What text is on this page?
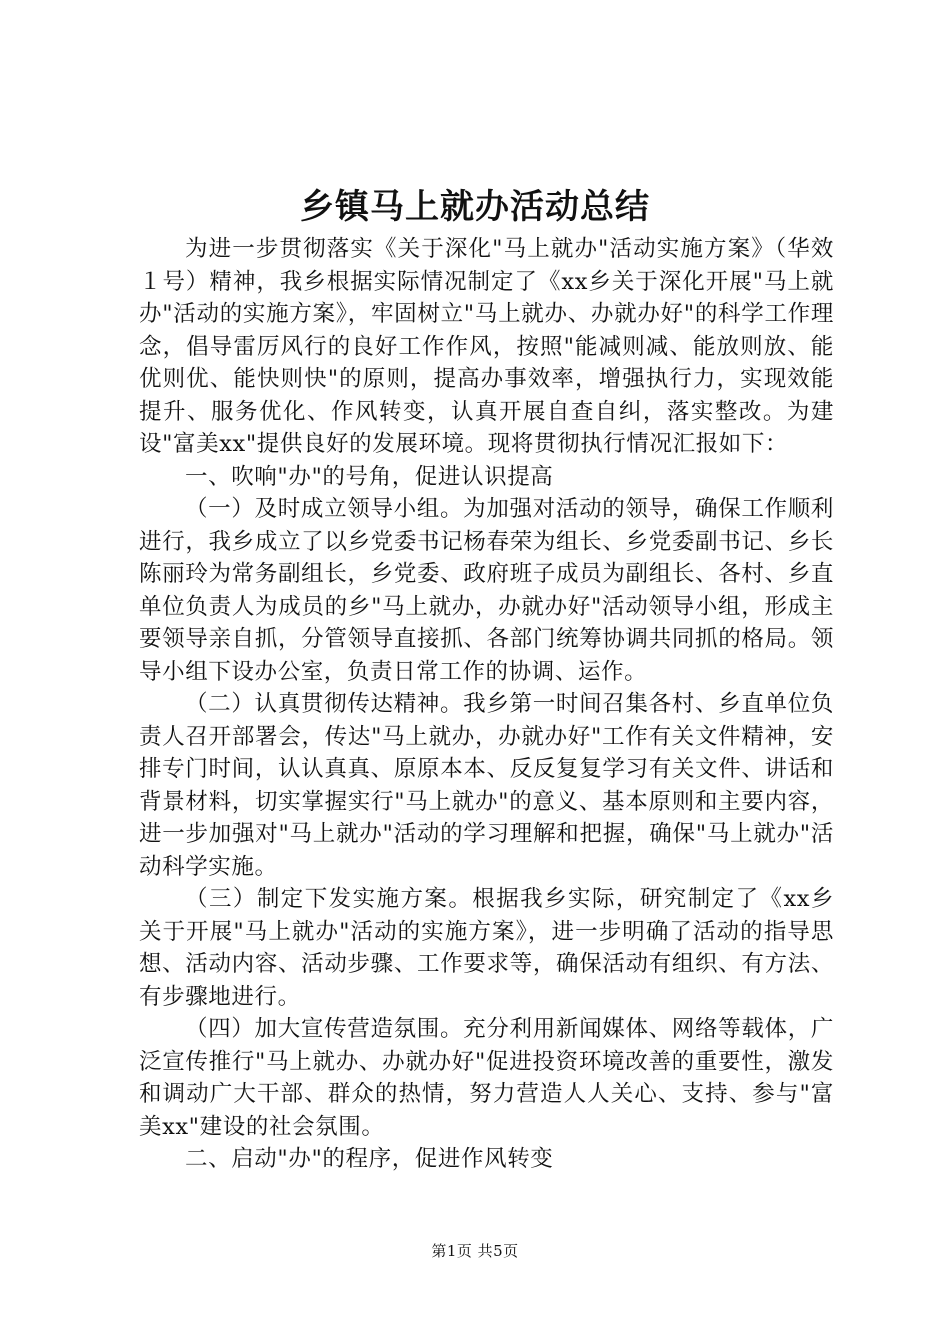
乡镇马上就办活动总结

为进一步贯彻落实《关于深化"马上就办"活动实施方案》（华效１号）精神，我乡根据实际情况制定了《xx乡关于深化开展"马上就办"活动的实施方案》，牢固树立"马上就办、办就办好"的科学工作理念，倡导雷厉风行的良好工作作风，按照"能减则减、能放则放、能优则优、能快则快"的原则，提高办事效率，增强执行力，实现效能提升、服务优化、作风转变，认真开展自查自纠，落实整改。为建设"富美xx"提供良好的发展环境。现将贯彻执行情况汇报如下：

一、吹响"办"的号角，促进认识提高

（一）及时成立领导小组。为加强对活动的领导，确保工作顺利进行，我乡成立了以乡党委书记杨春荣为组长、乡党委副书记、乡长陈丽玲为常务副组长，乡党委、政府班子成员为副组长、各村、乡直单位负责人为成员的乡"马上就办，办就办好"活动领导小组，形成主要领导亲自抓，分管领导直接抓、各部门统筹协调共同抓的格局。领导小组下设办公室，负责日常工作的协调、运作。

（二）认真贯彻传达精神。我乡第一时间召集各村、乡直单位负责人召开部署会，传达"马上就办，办就办好"工作有关文件精神，安排专门时间，认认真真、原原本本、反反复复学习有关文件、讲话和背景材料，切实掌握实行"马上就办"的意义、基本原则和主要内容，进一步加强对"马上就办"活动的学习理解和把握，确保"马上就办"活动科学实施。

（三）制定下发实施方案。根据我乡实际，研究制定了《xx乡关于开展"马上就办"活动的实施方案》，进一步明确了活动的指导思想、活动内容、活动步骤、工作要求等，确保活动有组织、有方法、有步骤地进行。

（四）加大宣传营造氛围。充分利用新闻媒体、网络等载体，广泛宣传推行"马上就办、办就办好"促进投资环境改善的重要性，激发和调动广大干部、群众的热情，努力营造人人关心、支持、参与"富美xx"建设的社会氛围。

二、启动"办"的程序，促进作风转变

第1页 共5页
